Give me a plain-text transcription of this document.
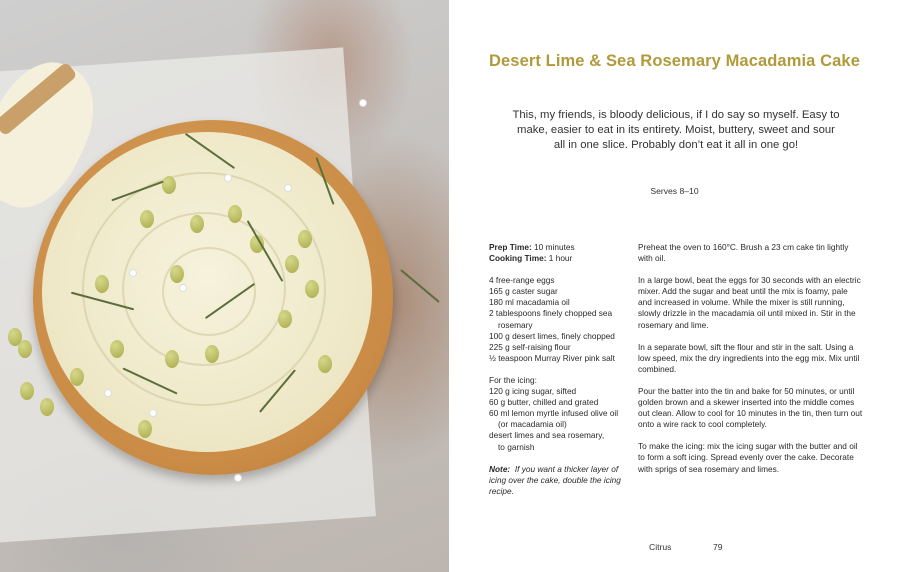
Desert Lime & Sea Rosemary Macadamia Cake

This, my friends, is bloody delicious, if I do say so myself. Easy to make, easier to eat in its entirety. Moist, buttery, sweet and sour all in one slice. Probably don’t eat it all in one go!

Serves 8–10

Prep Time: 10 minutes

Cooking Time: 1 hour

4 free-range eggs

165 g caster sugar

180 ml macadamia oil

2 tablespoons finely chopped sea

rosemary

100 g desert limes, finely chopped

225 g self-raising flour

½ teaspoon Murray River pink salt

For the icing:

120 g icing sugar, sifted

60 g butter, chilled and grated

60 ml lemon myrtle infused olive oil

(or macadamia oil)

desert limes and sea rosemary,

to garnish

Note: If you want a thicker layer of icing over the cake, double the icing recipe.

Preheat the oven to 160°C. Brush a 23 cm cake tin lightly with oil.

In a large bowl, beat the eggs for 30 seconds with an electric mixer. Add the sugar and beat until the mix is foamy, pale and increased in volume. While the mixer is still running, slowly drizzle in the macadamia oil until mixed in. Stir in the rosemary and lime.

In a separate bowl, sift the flour and stir in the salt. Using a low speed, mix the dry ingredients into the egg mix. Mix until combined.

Pour the batter into the tin and bake for 50 minutes, or until golden brown and a skewer inserted into the middle comes out clean. Allow to cool for 10 minutes in the tin, then turn out onto a wire rack to cool completely.

To make the icing: mix the icing sugar with the butter and oil to form a soft icing. Spread evenly over the cake. Decorate with sprigs of sea rosemary and limes.

Citrus	79
